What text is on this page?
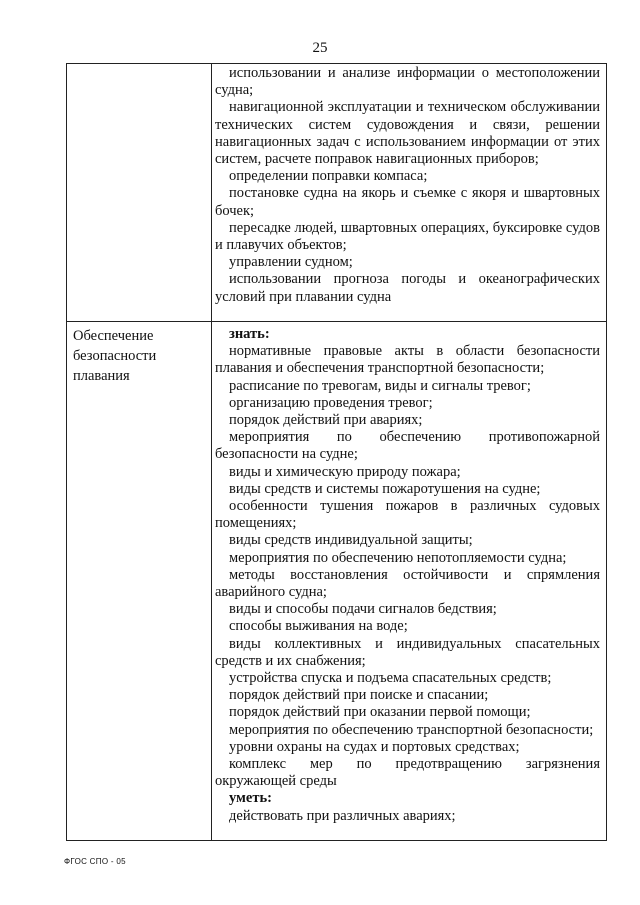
25

использовании и анализе информации о местоположении судна;

навигационной эксплуатации и техническом обслуживании технических систем судовождения и связи, решении навигационных задач с использованием информации от этих систем, расчете поправок навигационных приборов;

определении поправки компаса;

постановке судна на якорь и съемке с якоря и швартовных бочек;

пересадке людей, швартовных операциях, буксировке судов и плавучих объектов;

управлении судном;

использовании прогноза погоды и океанографических условий при плавании судна

Обеспечение безопасности плавания

знать:

нормативные правовые акты в области безопасности плавания и обеспечения транспортной безопасности;

расписание по тревогам, виды и сигналы тревог;

организацию проведения тревог;

порядок действий при авариях;

мероприятия по обеспечению противопожарной безопасности на судне;

виды и химическую природу пожара;

виды средств и системы пожаротушения на судне;

особенности тушения пожаров в различных судовых помещениях;

виды средств индивидуальной защиты;

мероприятия по обеспечению непотопляемости судна;

методы восстановления остойчивости и спрямления аварийного судна;

виды и способы подачи сигналов бедствия;

способы выживания на воде;

виды коллективных и индивидуальных спасательных средств и их снабжения;

устройства спуска и подъема спасательных средств;

порядок действий при поиске и спасании;

порядок действий при оказании первой помощи;

мероприятия по обеспечению транспортной безопасности;

уровни охраны на судах и портовых средствах;

комплекс мер по предотвращению загрязнения окружающей среды

уметь:

действовать при различных авариях;

ФГОС СПО - 05
